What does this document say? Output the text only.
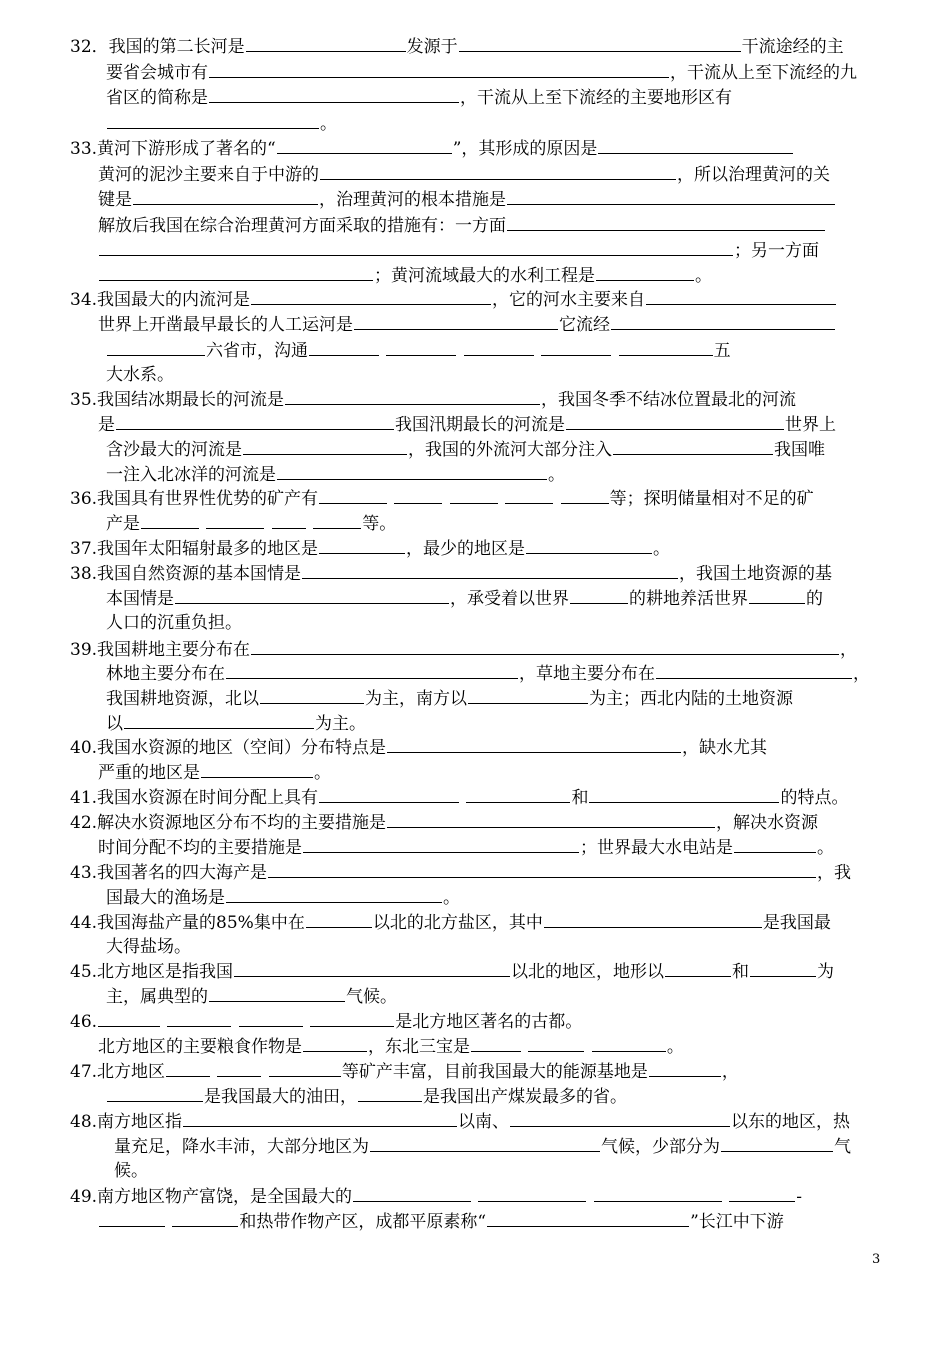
32．我国的第二长河是	发源于	干流途经的主
要省会城市有	，干流从上至下流经的九
省区的简称是	，干流从上至下流经的主要地形区有
。
33.黄河下游形成了著名的“	”，其形成的原因是
黄河的泥沙主要来自于中游的	，所以治理黄河的关
键是	，治理黄河的根本措施是
解放后我国在综合治理黄河方面采取的措施有：一方面
；另一方面
；黄河流域最大的水利工程是	。
34.我国最大的内流河是	，它的河水主要来自
世界上开凿最早最长的人工运河是	它流经
六省市，沟通	五
大水系。
35.我国结冰期最长的河流是	，我国冬季不结冰位置最北的河流
是	我国汛期最长的河流是	世界上
含沙最大的河流是	，我国的外流河大部分注入	我国唯
一注入北冰洋的河流是	。
36.我国具有世界性优势的矿产有	等；探明储量相对不足的矿
产是	等。
37.我国年太阳辐射最多的地区是	，最少的地区是	。
38.我国自然资源的基本国情是	，我国土地资源的基
本国情是	，承受着以世界	的耕地养活世界	的
人口的沉重负担。
39.我国耕地主要分布在	，
林地主要分布在	，草地主要分布在	，
我国耕地资源，北以	为主，南方以	为主；西北内陆的土地资源
以	为主。
40.我国水资源的地区（空间）分布特点是	，缺水尤其
严重的地区是	。
41.我国水资源在时间分配上具有	和	的特点。
42.解决水资源地区分布不均的主要措施是	，解决水资源
时间分配不均的主要措施是	；世界最大水电站是	。
43.我国著名的四大海产是	，我
国最大的渔场是	。
44.我国海盐产量的85%集中在	以北的北方盐区，其中	是我国最
大得盐场。
45.北方地区是指我国	以北的地区，地形以	和	为
主，属典型的	气候。
46.	是北方地区著名的古都。
北方地区的主要粮食作物是	，东北三宝是	。
47.北方地区	等矿产丰富，目前我国最大的能源基地是	，
是我国最大的油田，	是我国出产煤炭最多的省。
48.南方地区指	以南、	以东的地区，热
量充足，降水丰沛，大部分地区为	气候，少部分为	气
候。
49.南方地区物产富饶，是全国最大的	-
和热带作物产区，成都平原素称“	”长江中下游
3
